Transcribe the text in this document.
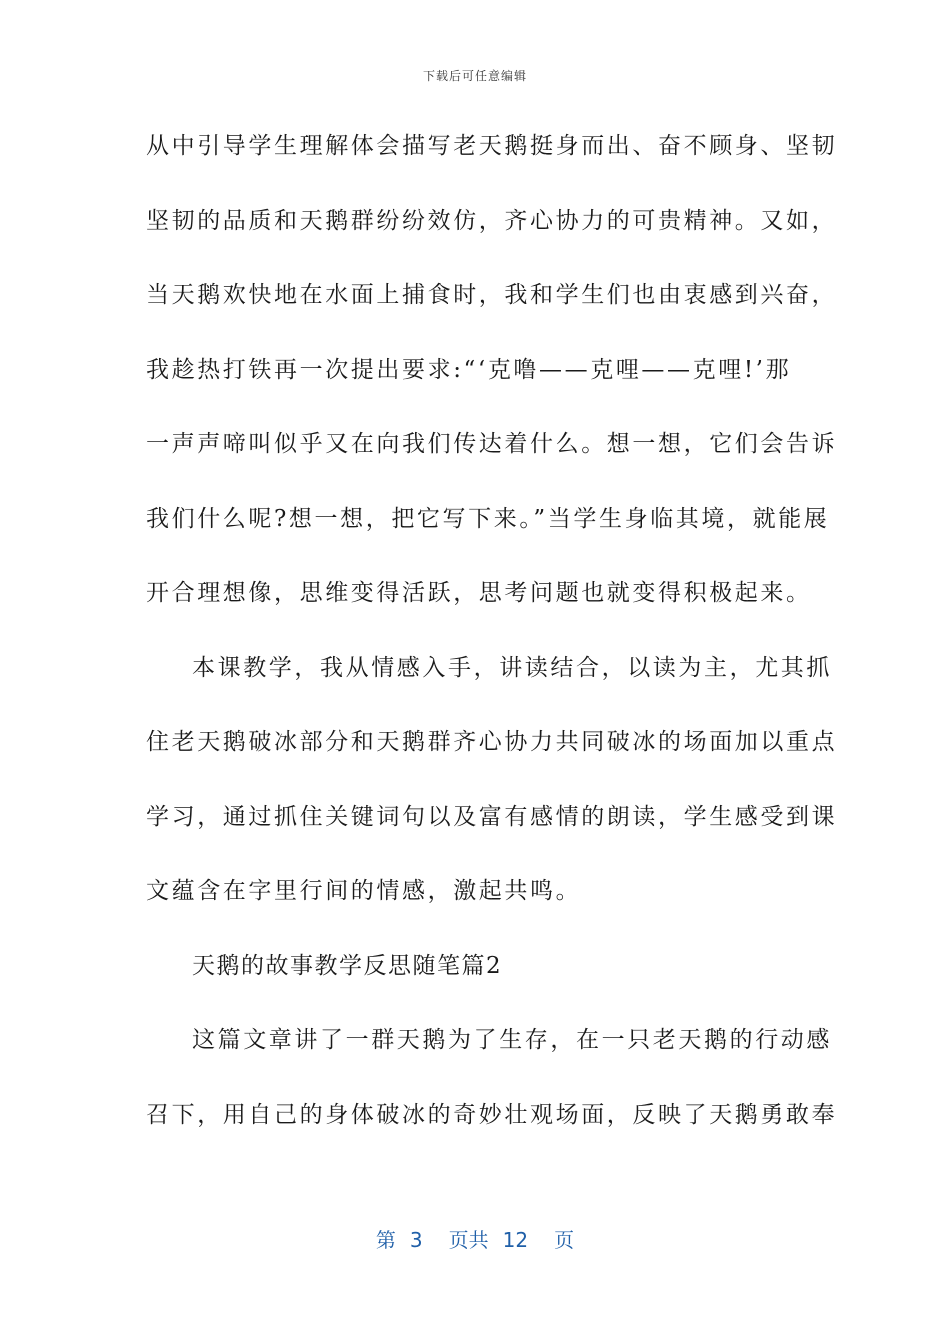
下载后可任意编辑
从中引导学生理解体会描写老天鹅挺身而出、奋不顾身、坚韧
坚韧的品质和天鹅群纷纷效仿，齐心协力的可贵精神。又如，
当天鹅欢快地在水面上捕食时，我和学生们也由衷感到兴奋，
我趁热打铁再一次提出要求:“‘克噜——克哩——克哩!’那
一声声啼叫似乎又在向我们传达着什么。想一想，它们会告诉
我们什么呢?想一想，把它写下来。”当学生身临其境，就能展
开合理想像，思维变得活跃，思考问题也就变得积极起来。
本课教学，我从情感入手，讲读结合，以读为主，尤其抓
住老天鹅破冰部分和天鹅群齐心协力共同破冰的场面加以重点
学习，通过抓住关键词句以及富有感情的朗读，学生感受到课
文蕴含在字里行间的情感，激起共鸣。
天鹅的故事教学反思随笔篇2
这篇文章讲了一群天鹅为了生存，在一只老天鹅的行动感
召下，用自己的身体破冰的奇妙壮观场面，反映了天鹅勇敢奉
第 3 页共 12 页
